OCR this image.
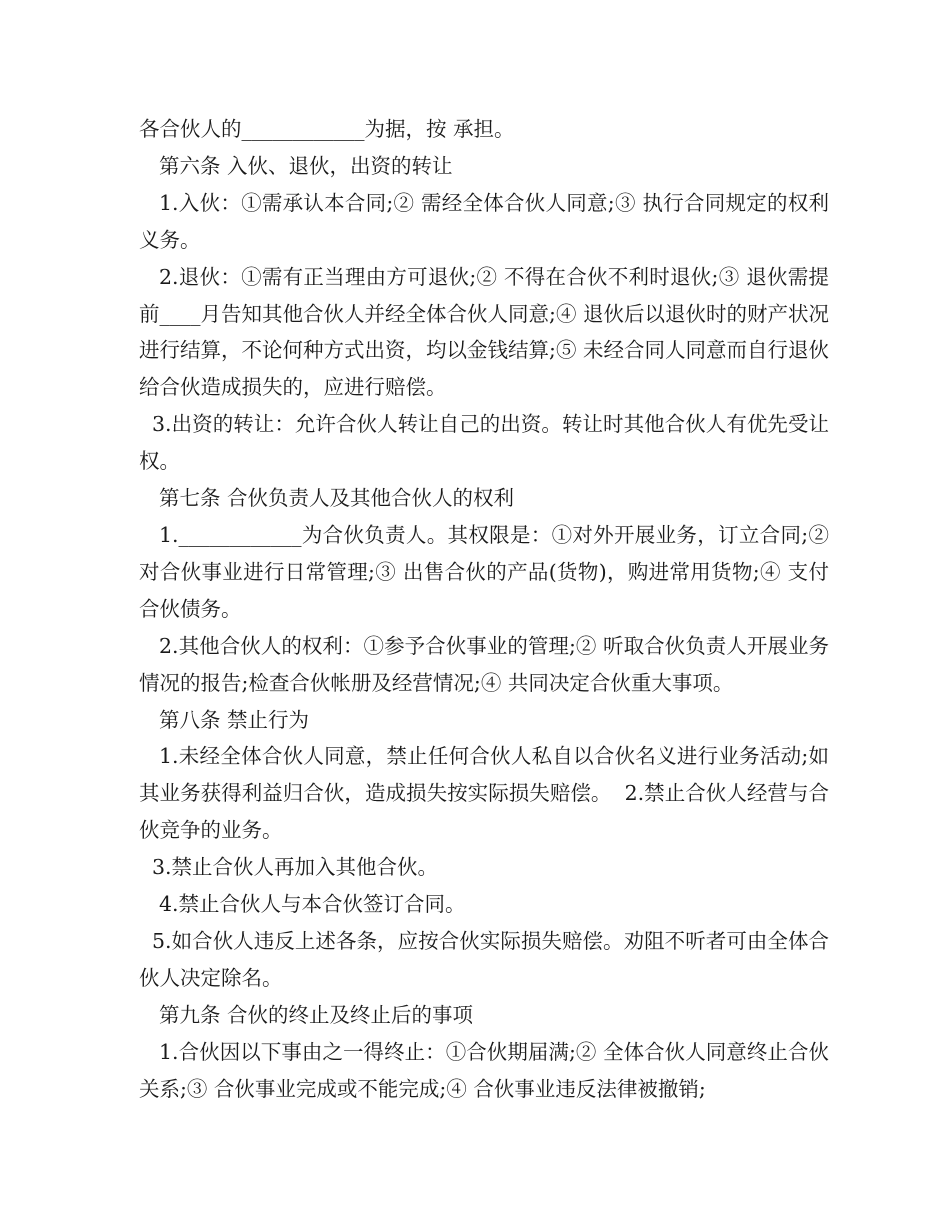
各合伙人的____________为据，按 承担。

第六条 入伙、退伙，出资的转让

1.入伙：①需承认本合同;② 需经全体合伙人同意;③ 执行合同规定的权利义务。

2.退伙：①需有正当理由方可退伙;② 不得在合伙不利时退伙;③ 退伙需提前____月告知其他合伙人并经全体合伙人同意;④ 退伙后以退伙时的财产状况进行结算，不论何种方式出资，均以金钱结算;⑤ 未经合同人同意而自行退伙给合伙造成损失的，应进行赔偿。

3.出资的转让：允许合伙人转让自己的出资。转让时其他合伙人有优先受让权。

第七条 合伙负责人及其他合伙人的权利

1.____________为合伙负责人。其权限是：①对外开展业务，订立合同;② 对合伙事业进行日常管理;③ 出售合伙的产品(货物)，购进常用货物;④ 支付合伙债务。

2.其他合伙人的权利：①参予合伙事业的管理;② 听取合伙负责人开展业务情况的报告;检查合伙帐册及经营情况;④ 共同决定合伙重大事项。

第八条 禁止行为

1.未经全体合伙人同意，禁止任何合伙人私自以合伙名义进行业务活动;如其业务获得利益归合伙，造成损失按实际损失赔偿。  2.禁止合伙人经营与合伙竞争的业务。

3.禁止合伙人再加入其他合伙。

4.禁止合伙人与本合伙签订合同。

5.如合伙人违反上述各条，应按合伙实际损失赔偿。劝阻不听者可由全体合伙人决定除名。

第九条 合伙的终止及终止后的事项

1.合伙因以下事由之一得终止：①合伙期届满;② 全体合伙人同意终止合伙关系;③ 合伙事业完成或不能完成;④ 合伙事业违反法律被撤销;
